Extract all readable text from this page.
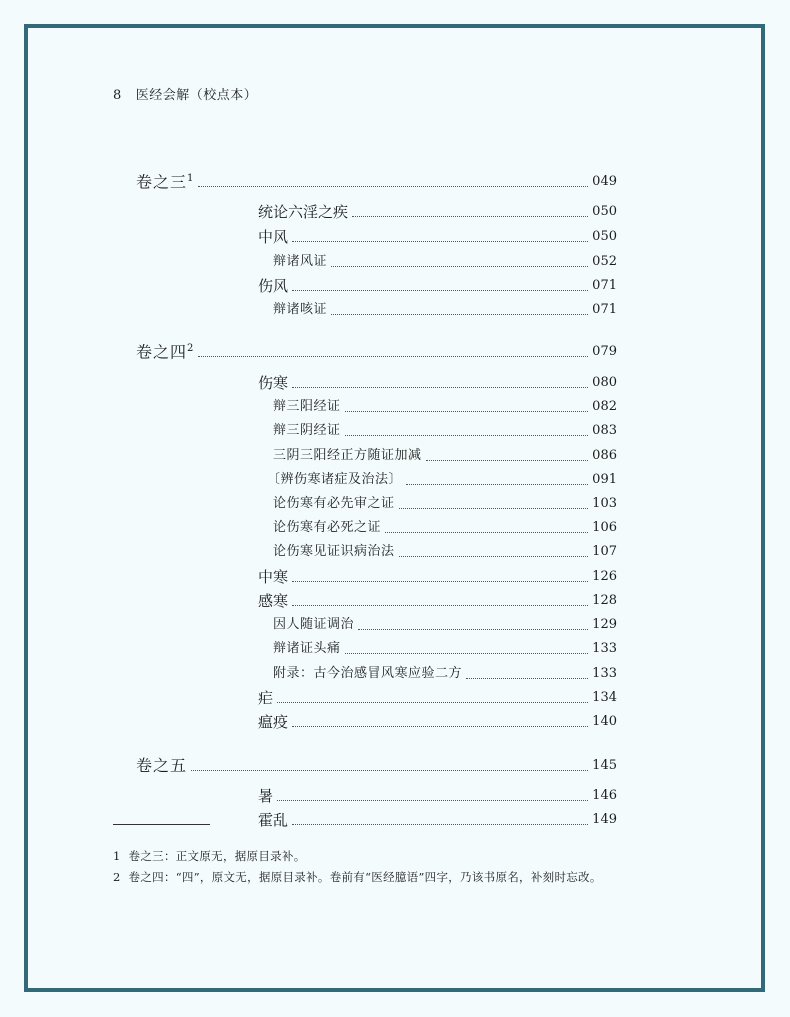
8 医经会解（校点本）
卷之三$^1$	049
统论六淫之疾	050
中风	050
辩诸风证	052
伤风	071
辩诸咳证	071
卷之四$^2$	079
伤寒	080
辩三阳经证	082
辩三阴经证	083
三阴三阳经正方随证加减	086
〔辨伤寒诸症及治法〕	091
论伤寒有必先审之证	103
论伤寒有必死之证	106
论伤寒见证识病治法	107
中寒	126
感寒	128
因人随证调治	129
辩诸证头痛	133
附录：古今治感冒风寒应验二方	133
疟	134
瘟疫	140
卷之五	145
暑	146
霍乱	149
1 卷之三：正文原无，据原目录补。
2 卷之四：“四”，原文无，据原目录补。卷前有“医经臆语”四字，乃该书原名，补刻时忘改。
